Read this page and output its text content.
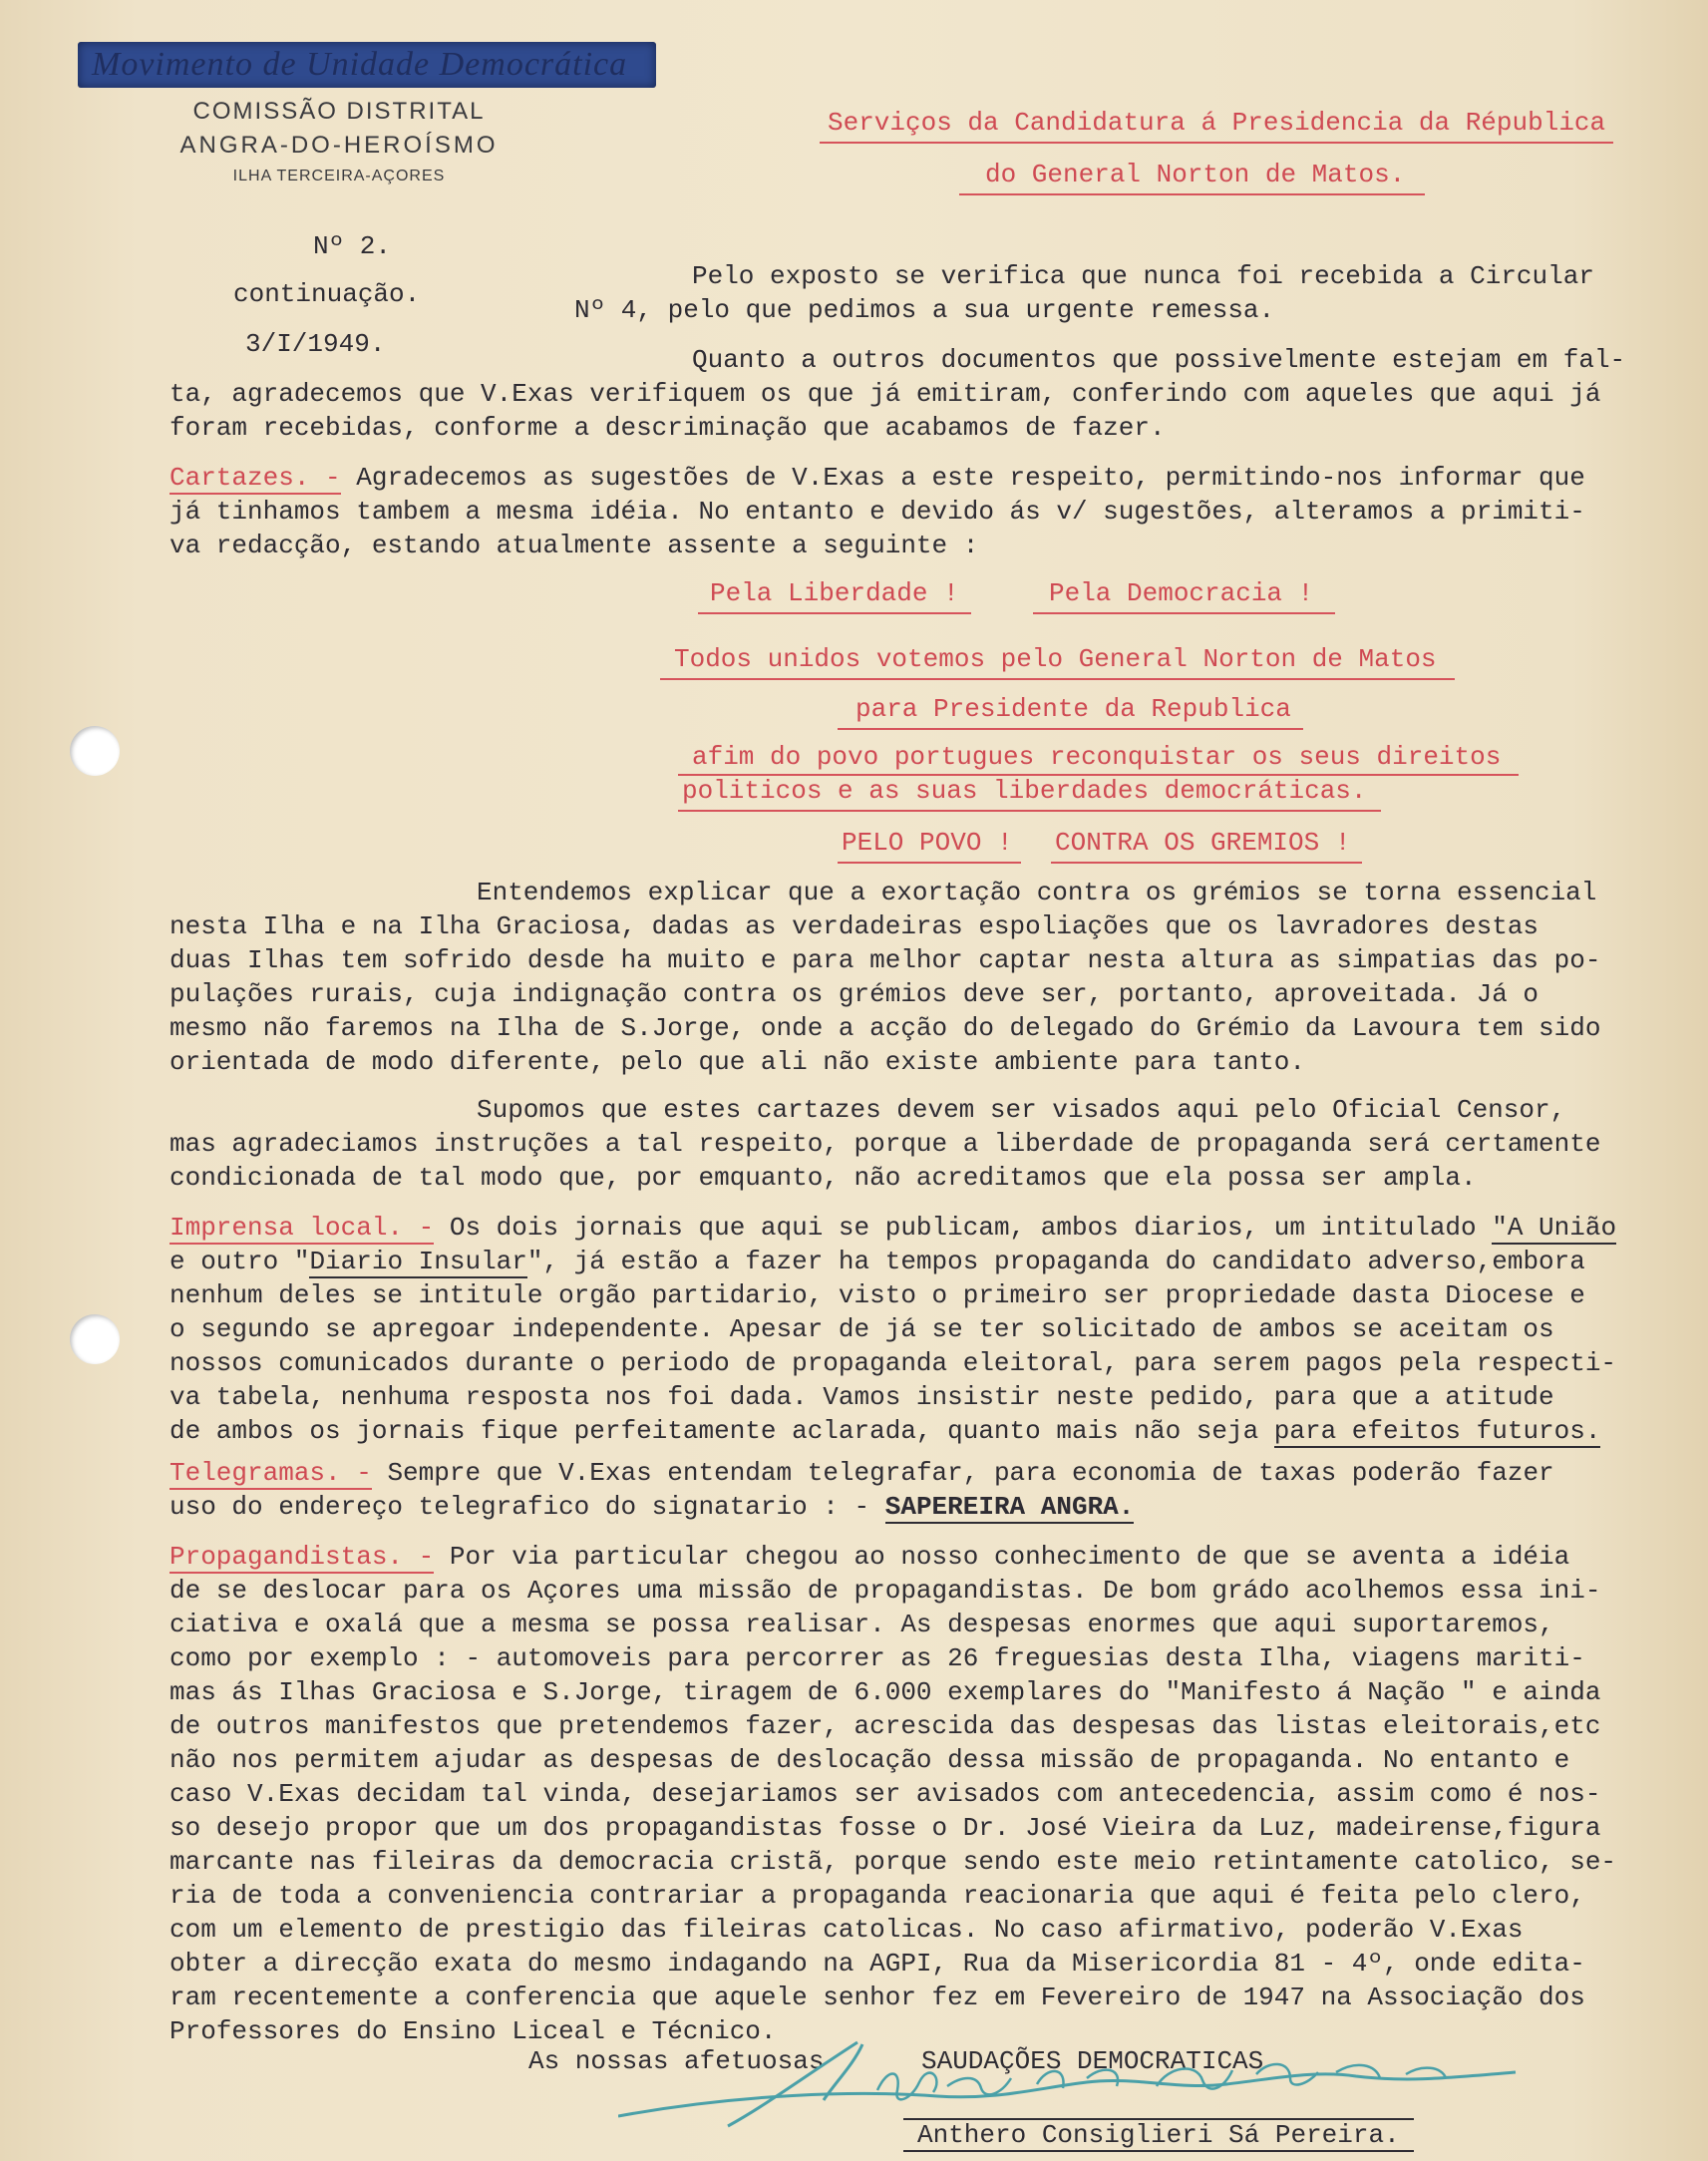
Movimento de Unidade Democrática
COMISSÃO DISTRITAL
ANGRA-DO-HEROÍSMO
ILHA TERCEIRA-AÇORES
Serviços da Candidatura á Presidencia da Républica
do General Norton de Matos.
Nº 2.
continuação.
3/I/1949.
Pelo exposto se verifica que nunca foi recebida a Circular
Nº 4, pelo que pedimos a sua urgente remessa.
Quanto a outros documentos que possivelmente estejam em fal-
ta, agradecemos que V.Exas verifiquem os que já emitiram, conferindo com aqueles que aqui já
foram recebidas, conforme a descriminação que acabamos de fazer.
Cartazes. - Agradecemos as sugestões de V.Exas a este respeito, permitindo-nos informar que
já tinhamos tambem a mesma idéia. No entanto e devido ás v/ sugestões, alteramos a primiti-
va redacção, estando atualmente assente a seguinte :
Pela Liberdade !	Pela Democracia !
Todos unidos votemos pelo General Norton de Matos
para Presidente da Republica
afim do povo portugues reconquistar os seus direitos
politicos e as suas liberdades democráticas.
PELO POVO !	CONTRA OS GREMIOS !
Entendemos explicar que a exortação contra os grémios se torna essencial
nesta Ilha e na Ilha Graciosa, dadas as verdadeiras espoliações que os lavradores destas
duas Ilhas tem sofrido desde ha muito e para melhor captar nesta altura as simpatias das po-
pulações rurais, cuja indignação contra os grémios deve ser, portanto, aproveitada. Já o
mesmo não faremos na Ilha de S.Jorge, onde a acção do delegado do Grémio da Lavoura tem sido
orientada de modo diferente, pelo que ali não existe ambiente para tanto.
Supomos que estes cartazes devem ser visados aqui pelo Oficial Censor,
mas agradeciamos instruções a tal respeito, porque a liberdade de propaganda será certamente
condicionada de tal modo que, por emquanto, não acreditamos que ela possa ser ampla.
Imprensa local. - Os dois jornais que aqui se publicam, ambos diarios, um intitulado "A União
e outro "Diario Insular", já estão a fazer ha tempos propaganda do candidato adverso,embora
nenhum deles se intitule orgão partidario, visto o primeiro ser propriedade dasta Diocese e
o segundo se apregoar independente. Apesar de já se ter solicitado de ambos se aceitam os
nossos comunicados durante o periodo de propaganda eleitoral, para serem pagos pela respecti-
va tabela, nenhuma resposta nos foi dada. Vamos insistir neste pedido, para que a atitude
de ambos os jornais fique perfeitamente aclarada, quanto mais não seja para efeitos futuros.
Telegramas. - Sempre que V.Exas entendam telegrafar, para economia de taxas poderão fazer
uso do endereço telegrafico do signatario : - SAPEREIRA ANGRA.
Propagandistas. - Por via particular chegou ao nosso conhecimento de que se aventa a idéia
de se deslocar para os Açores uma missão de propagandistas. De bom grádo acolhemos essa ini-
ciativa e oxalá que a mesma se possa realisar. As despesas enormes que aqui suportaremos,
como por exemplo : - automoveis para percorrer as 26 freguesias desta Ilha, viagens mariti-
mas ás Ilhas Graciosa e S.Jorge, tiragem de 6.000 exemplares do "Manifesto á Nação " e ainda
de outros manifestos que pretendemos fazer, acrescida das despesas das listas eleitorais,etc
não nos permitem ajudar as despesas de deslocação dessa missão de propaganda. No entanto e
caso V.Exas decidam tal vinda, desejariamos ser avisados com antecedencia, assim como é nos-
so desejo propor que um dos propagandistas fosse o Dr. José Vieira da Luz, madeirense,figura
marcante nas fileiras da democracia cristã, porque sendo este meio retintamente catolico, se-
ria de toda a conveniencia contrariar a propaganda reacionaria que aqui é feita pelo clero,
com um elemento de prestigio das fileiras catolicas. No caso afirmativo, poderão V.Exas
obter a direcção exata do mesmo indagando na AGPI, Rua da Misericordia 81 - 4º, onde edita-
ram recentemente a conferencia que aquele senhor fez em Fevereiro de 1947 na Associação dos
Professores do Ensino Liceal e Técnico.
As nossas afetuosas	SAUDAÇÕES DEMOCRATICAS
Anthero Consiglieri Sá Pereira.
